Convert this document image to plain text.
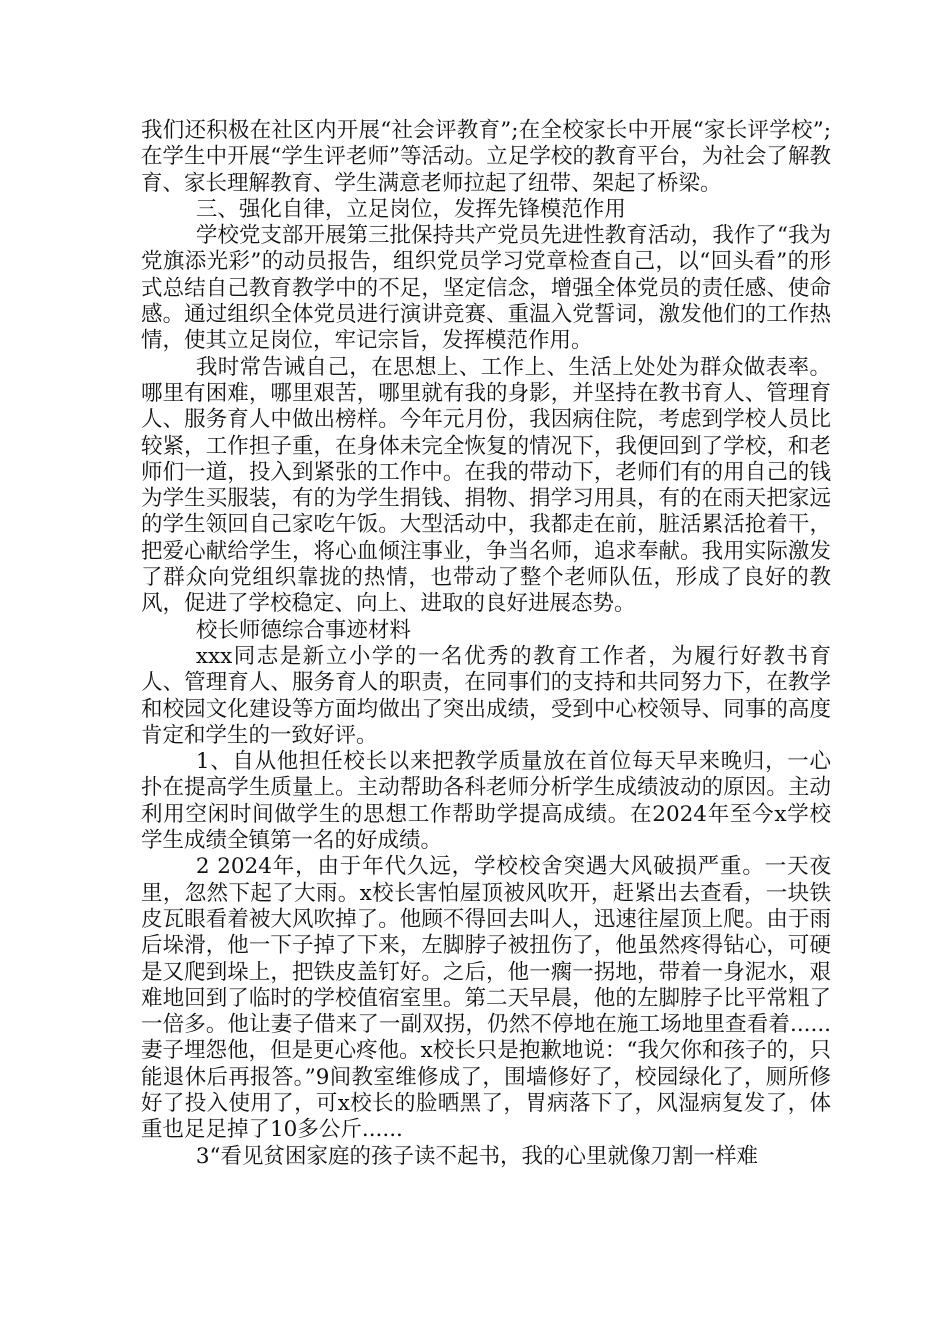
我们还积极在社区内开展“社会评教育”;在全校家长中开展“家长评学校”;在学生中开展“学生评老师”等活动。立足学校的教育平台，为社会了解教育、家长理解教育、学生满意老师拉起了纽带、架起了桥梁。

三、强化自律，立足岗位，发挥先锋模范作用

学校党支部开展第三批保持共产党员先进性教育活动，我作了“我为党旗添光彩”的动员报告，组织党员学习党章检查自己，以“回头看”的形式总结自己教育教学中的不足，坚定信念，增强全体党员的责任感、使命感。通过组织全体党员进行演讲竞赛、重温入党誓词，激发他们的工作热情，使其立足岗位，牢记宗旨，发挥模范作用。

我时常告诫自己，在思想上、工作上、生活上处处为群众做表率。哪里有困难，哪里艰苦，哪里就有我的身影，并坚持在教书育人、管理育人、服务育人中做出榜样。今年元月份，我因病住院，考虑到学校人员比较紧，工作担子重，在身体未完全恢复的情况下，我便回到了学校，和老师们一道，投入到紧张的工作中。在我的带动下，老师们有的用自己的钱为学生买服装，有的为学生捐钱、捐物、捐学习用具，有的在雨天把家远的学生领回自己家吃午饭。大型活动中，我都走在前，脏活累活抢着干，把爱心献给学生，将心血倾注事业，争当名师，追求奉献。我用实际激发了群众向党组织靠拢的热情，也带动了整个老师队伍，形成了良好的教风，促进了学校稳定、向上、进取的良好进展态势。

校长师德综合事迹材料

xxx同志是新立小学的一名优秀的教育工作者，为履行好教书育人、管理育人、服务育人的职责，在同事们的支持和共同努力下，在教学和校园文化建设等方面均做出了突出成绩，受到中心校领导、同事的高度肯定和学生的一致好评。

1、自从他担任校长以来把教学质量放在首位每天早来晚归，一心扑在提高学生质量上。主动帮助各科老师分析学生成绩波动的原因。主动利用空闲时间做学生的思想工作帮助学提高成绩。在2024年至今x学校学生成绩全镇第一名的好成绩。

2 2024年，由于年代久远，学校校舍突遇大风破损严重。一天夜里，忽然下起了大雨。x校长害怕屋顶被风吹开，赶紧出去查看，一块铁皮瓦眼看着被大风吹掉了。他顾不得回去叫人，迅速往屋顶上爬。由于雨后垛滑，他一下子掉了下来，左脚脖子被扭伤了，他虽然疼得钻心，可硬是又爬到垛上，把铁皮盖钉好。之后，他一瘸一拐地，带着一身泥水，艰难地回到了临时的学校值宿室里。第二天早晨，他的左脚脖子比平常粗了一倍多。他让妻子借来了一副双拐，仍然不停地在施工场地里查看着......妻子埋怨他，但是更心疼他。x校长只是抱歉地说：“我欠你和孩子的，只能退休后再报答。”9间教室维修成了，围墙修好了，校园绿化了，厕所修好了投入使用了，可x校长的脸晒黑了，胃病落下了，风湿病复发了，体重也足足掉了10多公斤......

3“看见贫困家庭的孩子读不起书，我的心里就像刀割一样难
